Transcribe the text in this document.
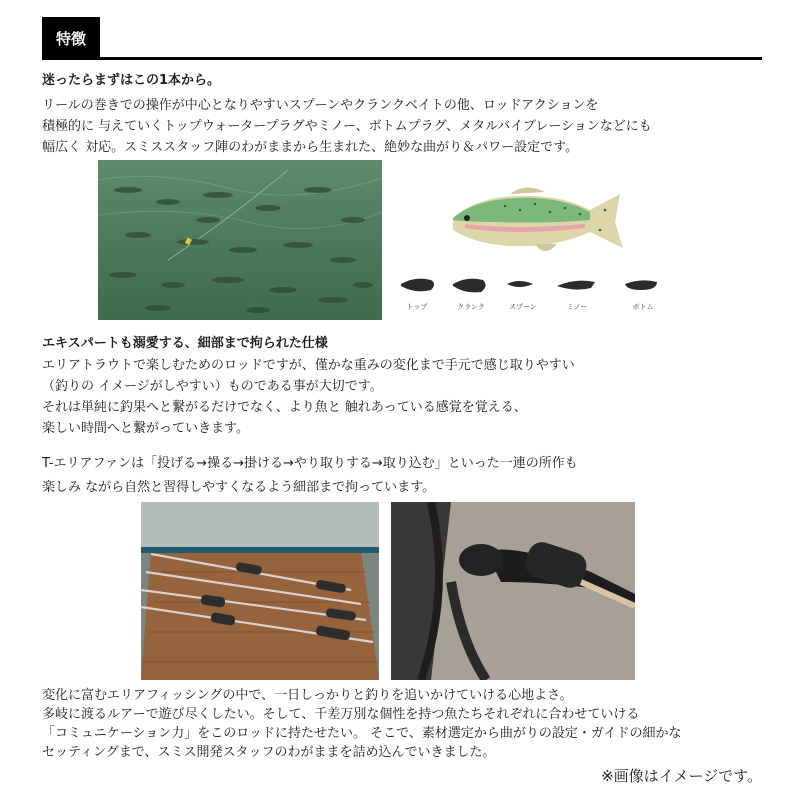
特徴
迷ったらまずはこの1本から。
リールの巻きでの操作が中心となりやすいスプーンやクランクベイトの他、ロッドアクションを
積極的に 与えていくトップウォータープラグやミノー、ボトムプラグ、メタルバイブレーションなどにも
幅広く 対応。スミススタッフ陣のわがままから生まれた、絶妙な曲がり＆パワー設定です。
トップ	クランク	スプーン	ミノー	ボトム
エキスパートも溺愛する、細部まで拘られた仕様
エリアトラウトで楽しむためのロッドですが、僅かな重みの変化まで手元で感じ取りやすい
（釣りの イメージがしやすい）ものである事が大切です。
それは単純に釣果へと繋がるだけでなく、より魚と 触れあっている感覚を覚える、
楽しい時間へと繋がっていきます。
T-エリアファンは「投げる→操る→掛ける→やり取りする→取り込む」といった一連の所作も
楽しみ ながら自然と習得しやすくなるよう細部まで拘っています。
変化に富むエリアフィッシングの中で、一日しっかりと釣りを追いかけていける心地よさ。
多岐に渡るルアーで遊び尽くしたい。そして、千差万別な個性を持つ魚たちそれぞれに合わせていける
「コミュニケーション力」をこのロッドに持たせたい。 そこで、素材選定から曲がりの設定・ガイドの細かな
セッティングまで、スミス開発スタッフのわがままを詰め込んでいきました。
※画像はイメージです。
